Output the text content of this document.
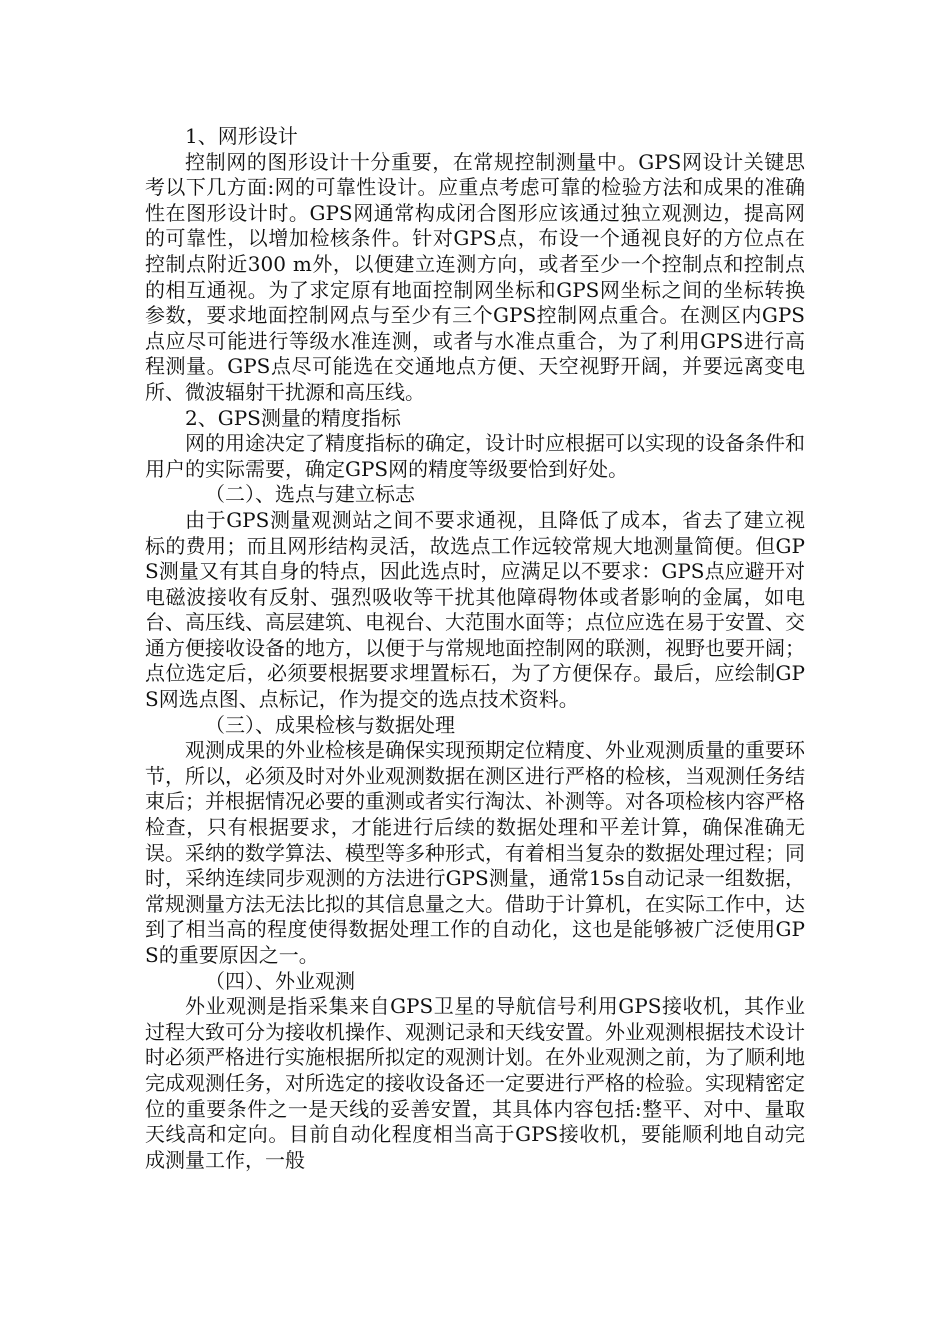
1、网形设计

控制网的图形设计十分重要，在常规控制测量中。GPS网设计关键思考以下几方面:网的可靠性设计。应重点考虑可靠的检验方法和成果的准确性在图形设计时。GPS网通常构成闭合图形应该通过独立观测边，提高网的可靠性，以增加检核条件。针对GPS点，布设一个通视良好的方位点在控制点附近300 m外，以便建立连测方向，或者至少一个控制点和控制点的相互通视。为了求定原有地面控制网坐标和GPS网坐标之间的坐标转换参数，要求地面控制网点与至少有三个GPS控制网点重合。在测区内GPS点应尽可能进行等级水准连测，或者与水准点重合，为了利用GPS进行高程测量。GPS点尽可能选在交通地点方便、天空视野开阔，并要远离变电所、微波辐射干扰源和高压线。

2、GPS测量的精度指标

网的用途决定了精度指标的确定，设计时应根据可以实现的设备条件和用户的实际需要，确定GPS网的精度等级要恰到好处。

（二）、选点与建立标志

由于GPS测量观测站之间不要求通视，且降低了成本，省去了建立视标的费用；而且网形结构灵活，故选点工作远较常规大地测量简便。但GPS测量又有其自身的特点，因此选点时，应满足以不要求：GPS点应避开对电磁波接收有反射、强烈吸收等干扰其他障碍物体或者影响的金属，如电台、高压线、高层建筑、电视台、大范围水面等；点位应选在易于安置、交通方便接收设备的地方，以便于与常规地面控制网的联测，视野也要开阔；点位选定后，必须要根据要求埋置标石，为了方便保存。最后，应绘制GPS网选点图、点标记，作为提交的选点技术资料。

（三）、成果检核与数据处理

观测成果的外业检核是确保实现预期定位精度、外业观测质量的重要环节，所以，必须及时对外业观测数据在测区进行严格的检核，当观测任务结束后；并根据情况必要的重测或者实行淘汰、补测等。对各项检核内容严格检查，只有根据要求，才能进行后续的数据处理和平差计算，确保准确无误。采纳的数学算法、模型等多种形式，有着相当复杂的数据处理过程；同时，采纳连续同步观测的方法进行GPS测量，通常15s自动记录一组数据，常规测量方法无法比拟的其信息量之大。借助于计算机，在实际工作中，达到了相当高的程度使得数据处理工作的自动化，这也是能够被广泛使用GPS的重要原因之一。

（四）、外业观测

外业观测是指采集来自GPS卫星的导航信号利用GPS接收机，其作业过程大致可分为接收机操作、观测记录和天线安置。外业观测根据技术设计时必须严格进行实施根据所拟定的观测计划。在外业观测之前，为了顺利地完成观测任务，对所选定的接收设备还一定要进行严格的检验。实现精密定位的重要条件之一是天线的妥善安置，其具体内容包括:整平、对中、量取天线高和定向。目前自动化程度相当高于GPS接收机，要能顺利地自动完成测量工作，一般
